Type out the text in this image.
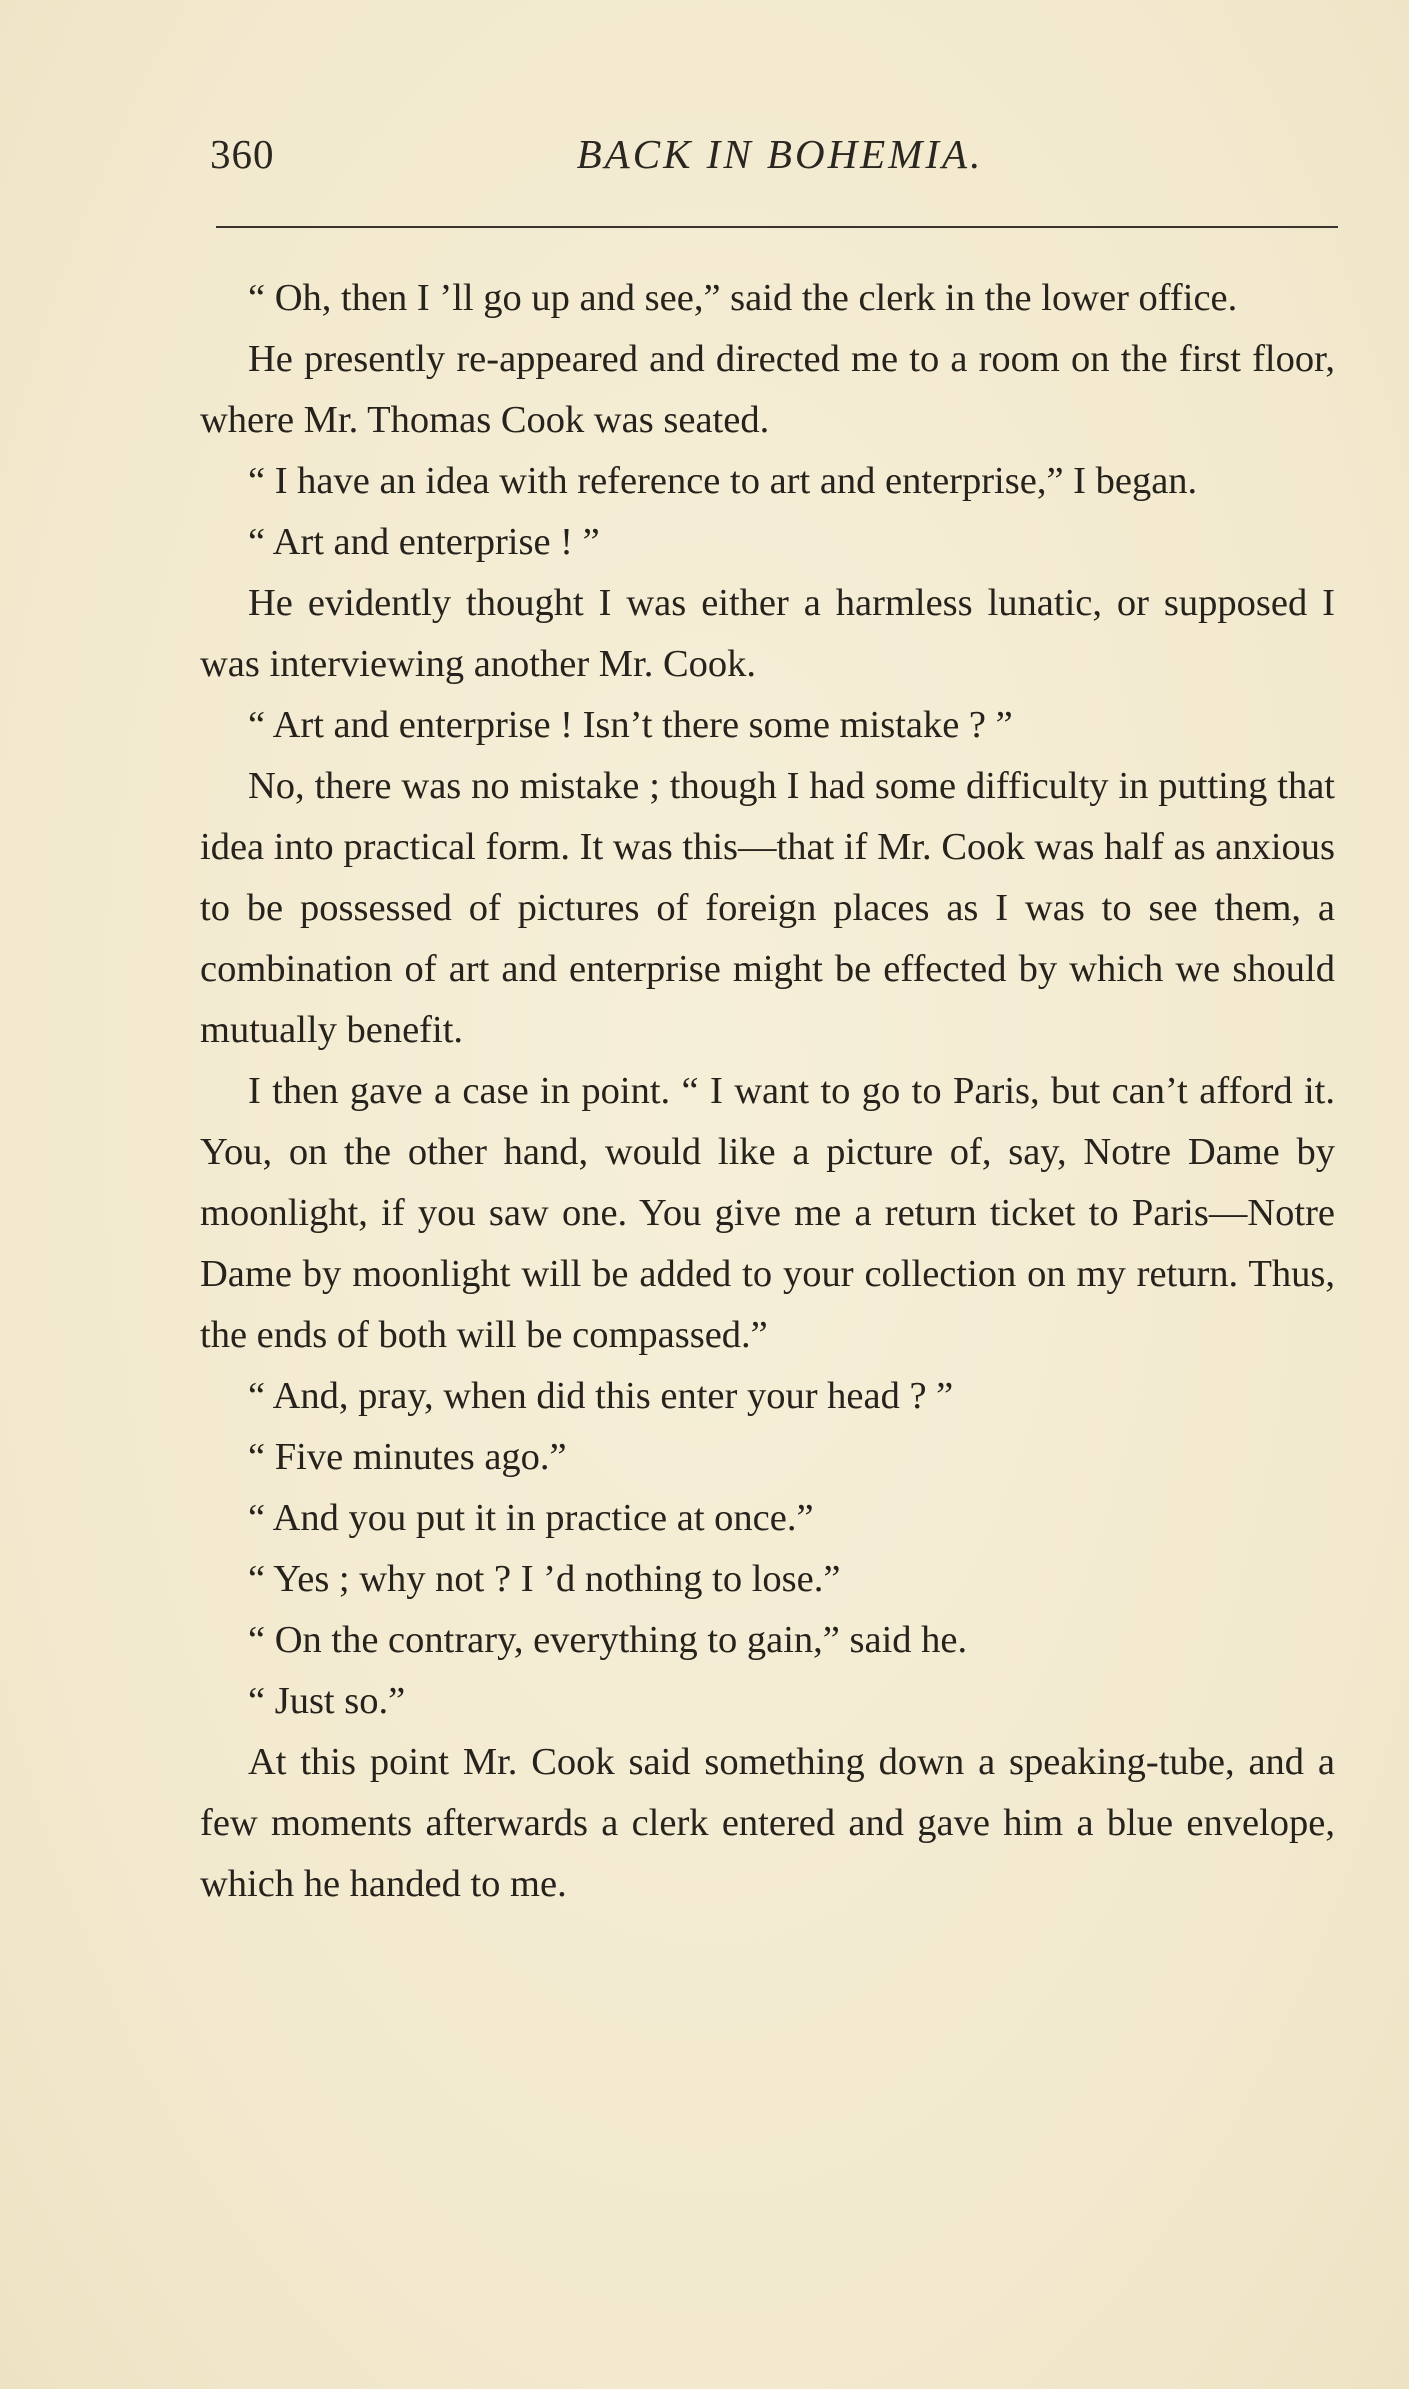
360	BACK IN BOHEMIA.

“ Oh, then I ’ll go up and see,” said the clerk in the lower office.

He presently re-appeared and directed me to a room on the first floor, where Mr. Thomas Cook was seated.

“ I have an idea with reference to art and enterprise,” I began.

“ Art and enterprise ! ”

He evidently thought I was either a harmless lunatic, or supposed I was interviewing another Mr. Cook.

“ Art and enterprise ! Isn’t there some mistake ? ”

No, there was no mistake ; though I had some difficulty in putting that idea into practical form. It was this—that if Mr. Cook was half as anxious to be possessed of pictures of foreign places as I was to see them, a combination of art and enterprise might be effected by which we should mutually benefit.

I then gave a case in point. “ I want to go to Paris, but can’t afford it. You, on the other hand, would like a picture of, say, Notre Dame by moonlight, if you saw one. You give me a return ticket to Paris—Notre Dame by moonlight will be added to your collection on my return. Thus, the ends of both will be compassed.”

“ And, pray, when did this enter your head ? ”

“ Five minutes ago.”

“ And you put it in practice at once.”

“ Yes ; why not ? I ’d nothing to lose.”

“ On the contrary, everything to gain,” said he.

“ Just so.”

At this point Mr. Cook said something down a speaking-tube, and a few moments afterwards a clerk entered and gave him a blue envelope, which he handed to me.
